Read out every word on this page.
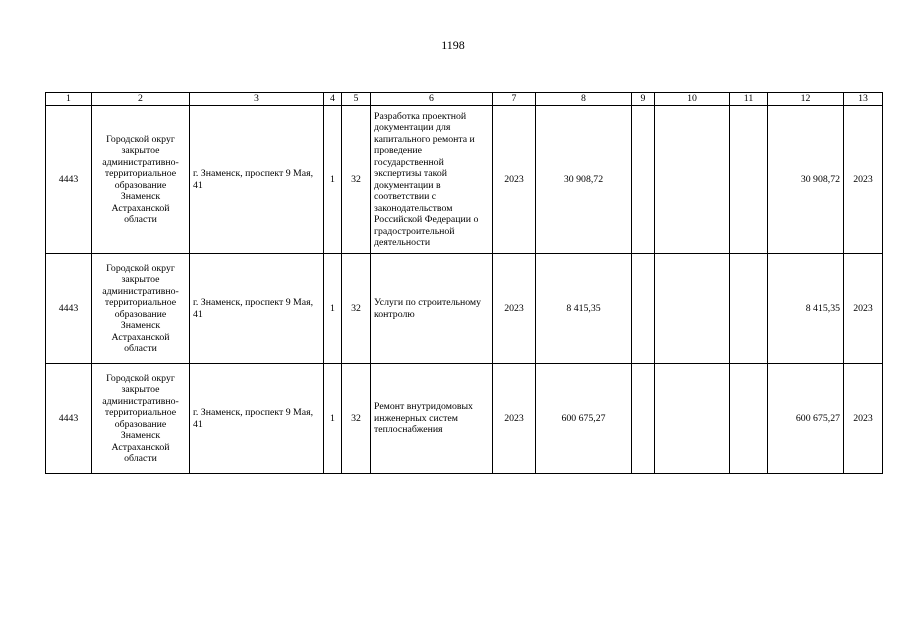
1198
1	2	3	4	5	6	7	8	9	10	11	12	13
4443	Городской округ закрытое административно-территориальное образование Знаменск Астраханской области	г. Знаменск, проспект 9 Мая, 41	1	32	Разработка проектной документации для капитального ремонта и проведение государственной экспертизы такой документации в соответствии с законодательством Российской Федерации о градостроительной деятельности	2023	30 908,72				30 908,72	2023
4443	Городской округ закрытое административно-территориальное образование Знаменск Астраханской области	г. Знаменск, проспект 9 Мая, 41	1	32	Услуги по строительному контролю	2023	8 415,35				8 415,35	2023
4443	Городской округ закрытое административно-территориальное образование Знаменск Астраханской области	г. Знаменск, проспект 9 Мая, 41	1	32	Ремонт внутридомовых инженерных систем теплоснабжения	2023	600 675,27				600 675,27	2023
